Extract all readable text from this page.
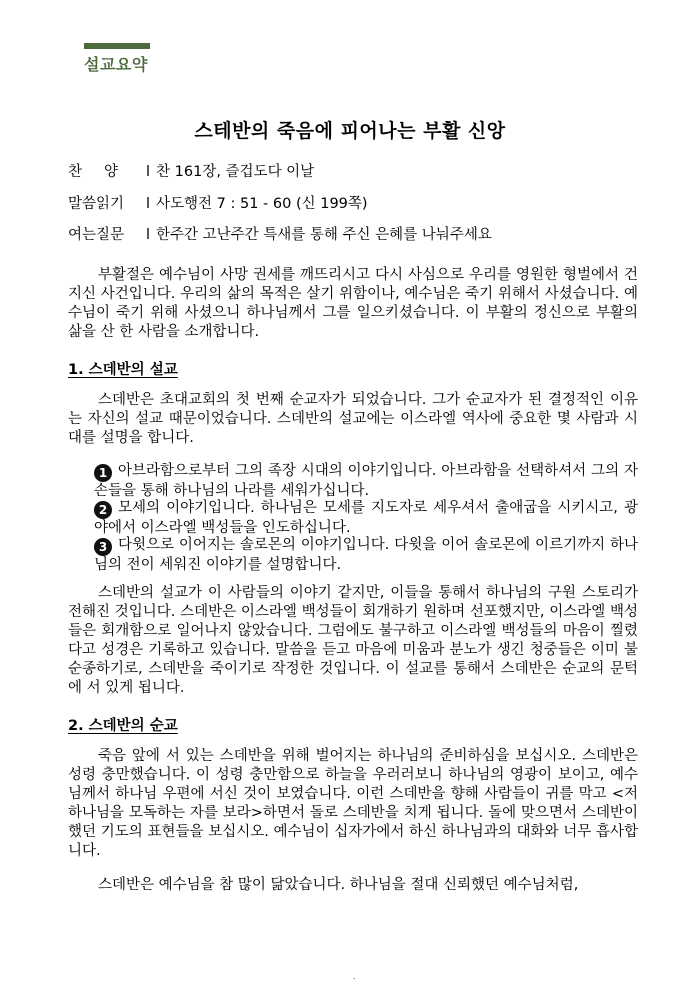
설교요약
스테반의 죽음에 피어나는 부활 신앙
찬양 l 찬 161장, 즐겁도다 이날
말씀읽기 l 사도행전 7 : 51 - 60 (신 199쪽)
여는질문 l 한주간 고난주간 특새를 통해 주신 은혜를 나눠주세요
부활절은 예수님이 사망 권세를 깨뜨리시고 다시 사심으로 우리를 영원한 형벌에서 건지신 사건입니다. 우리의 삶의 목적은 살기 위함이나, 예수님은 죽기 위해서 사셨습니다. 예수님이 죽기 위해 사셨으니 하나님께서 그를 일으키셨습니다. 이 부활의 정신으로 부활의 삶을 산 한 사람을 소개합니다.
1. 스데반의 설교
스데반은 초대교회의 첫 번째 순교자가 되었습니다. 그가 순교자가 된 결정적인 이유는 자신의 설교 때문이었습니다. 스데반의 설교에는 이스라엘 역사에 중요한 몇 사람과 시대를 설명을 합니다.
1 아브라함으로부터 그의 족장 시대의 이야기입니다. 아브라함을 선택하셔서 그의 자손들을 통해 하나님의 나라를 세워가십니다.
2 모세의 이야기입니다. 하나님은 모세를 지도자로 세우셔서 출애굽을 시키시고, 광야에서 이스라엘 백성들을 인도하십니다.
3 다윗으로 이어지는 솔로몬의 이야기입니다. 다윗을 이어 솔로몬에 이르기까지 하나님의 전이 세워진 이야기를 설명합니다.
스데반의 설교가 이 사람들의 이야기 같지만, 이들을 통해서 하나님의 구원 스토리가 전해진 것입니다. 스데반은 이스라엘 백성들이 회개하기 원하며 선포했지만, 이스라엘 백성들은 회개함으로 일어나지 않았습니다. 그럼에도 불구하고 이스라엘 백성들의 마음이 찔렸다고 성경은 기록하고 있습니다. 말씀을 듣고 마음에 미움과 분노가 생긴 청중들은 이미 불순종하기로, 스데반을 죽이기로 작정한 것입니다. 이 설교를 통해서 스데반은 순교의 문턱에 서 있게 됩니다.
2. 스데반의 순교
죽음 앞에 서 있는 스데반을 위해 벌어지는 하나님의 준비하심을 보십시오. 스데반은 성령 충만했습니다. 이 성령 충만함으로 하늘을 우러러보니 하나님의 영광이 보이고, 예수님께서 하나님 우편에 서신 것이 보였습니다. 이런 스데반을 향해 사람들이 귀를 막고 <저 하나님을 모독하는 자를 보라>하면서 돌로 스데반을 치게 됩니다. 돌에 맞으면서 스데반이 했던 기도의 표현들을 보십시오. 예수님이 십자가에서 하신 하나님과의 대화와 너무 흡사합니다.
스데반은 예수님을 참 많이 닮았습니다. 하나님을 절대 신뢰했던 예수님처럼,
.
